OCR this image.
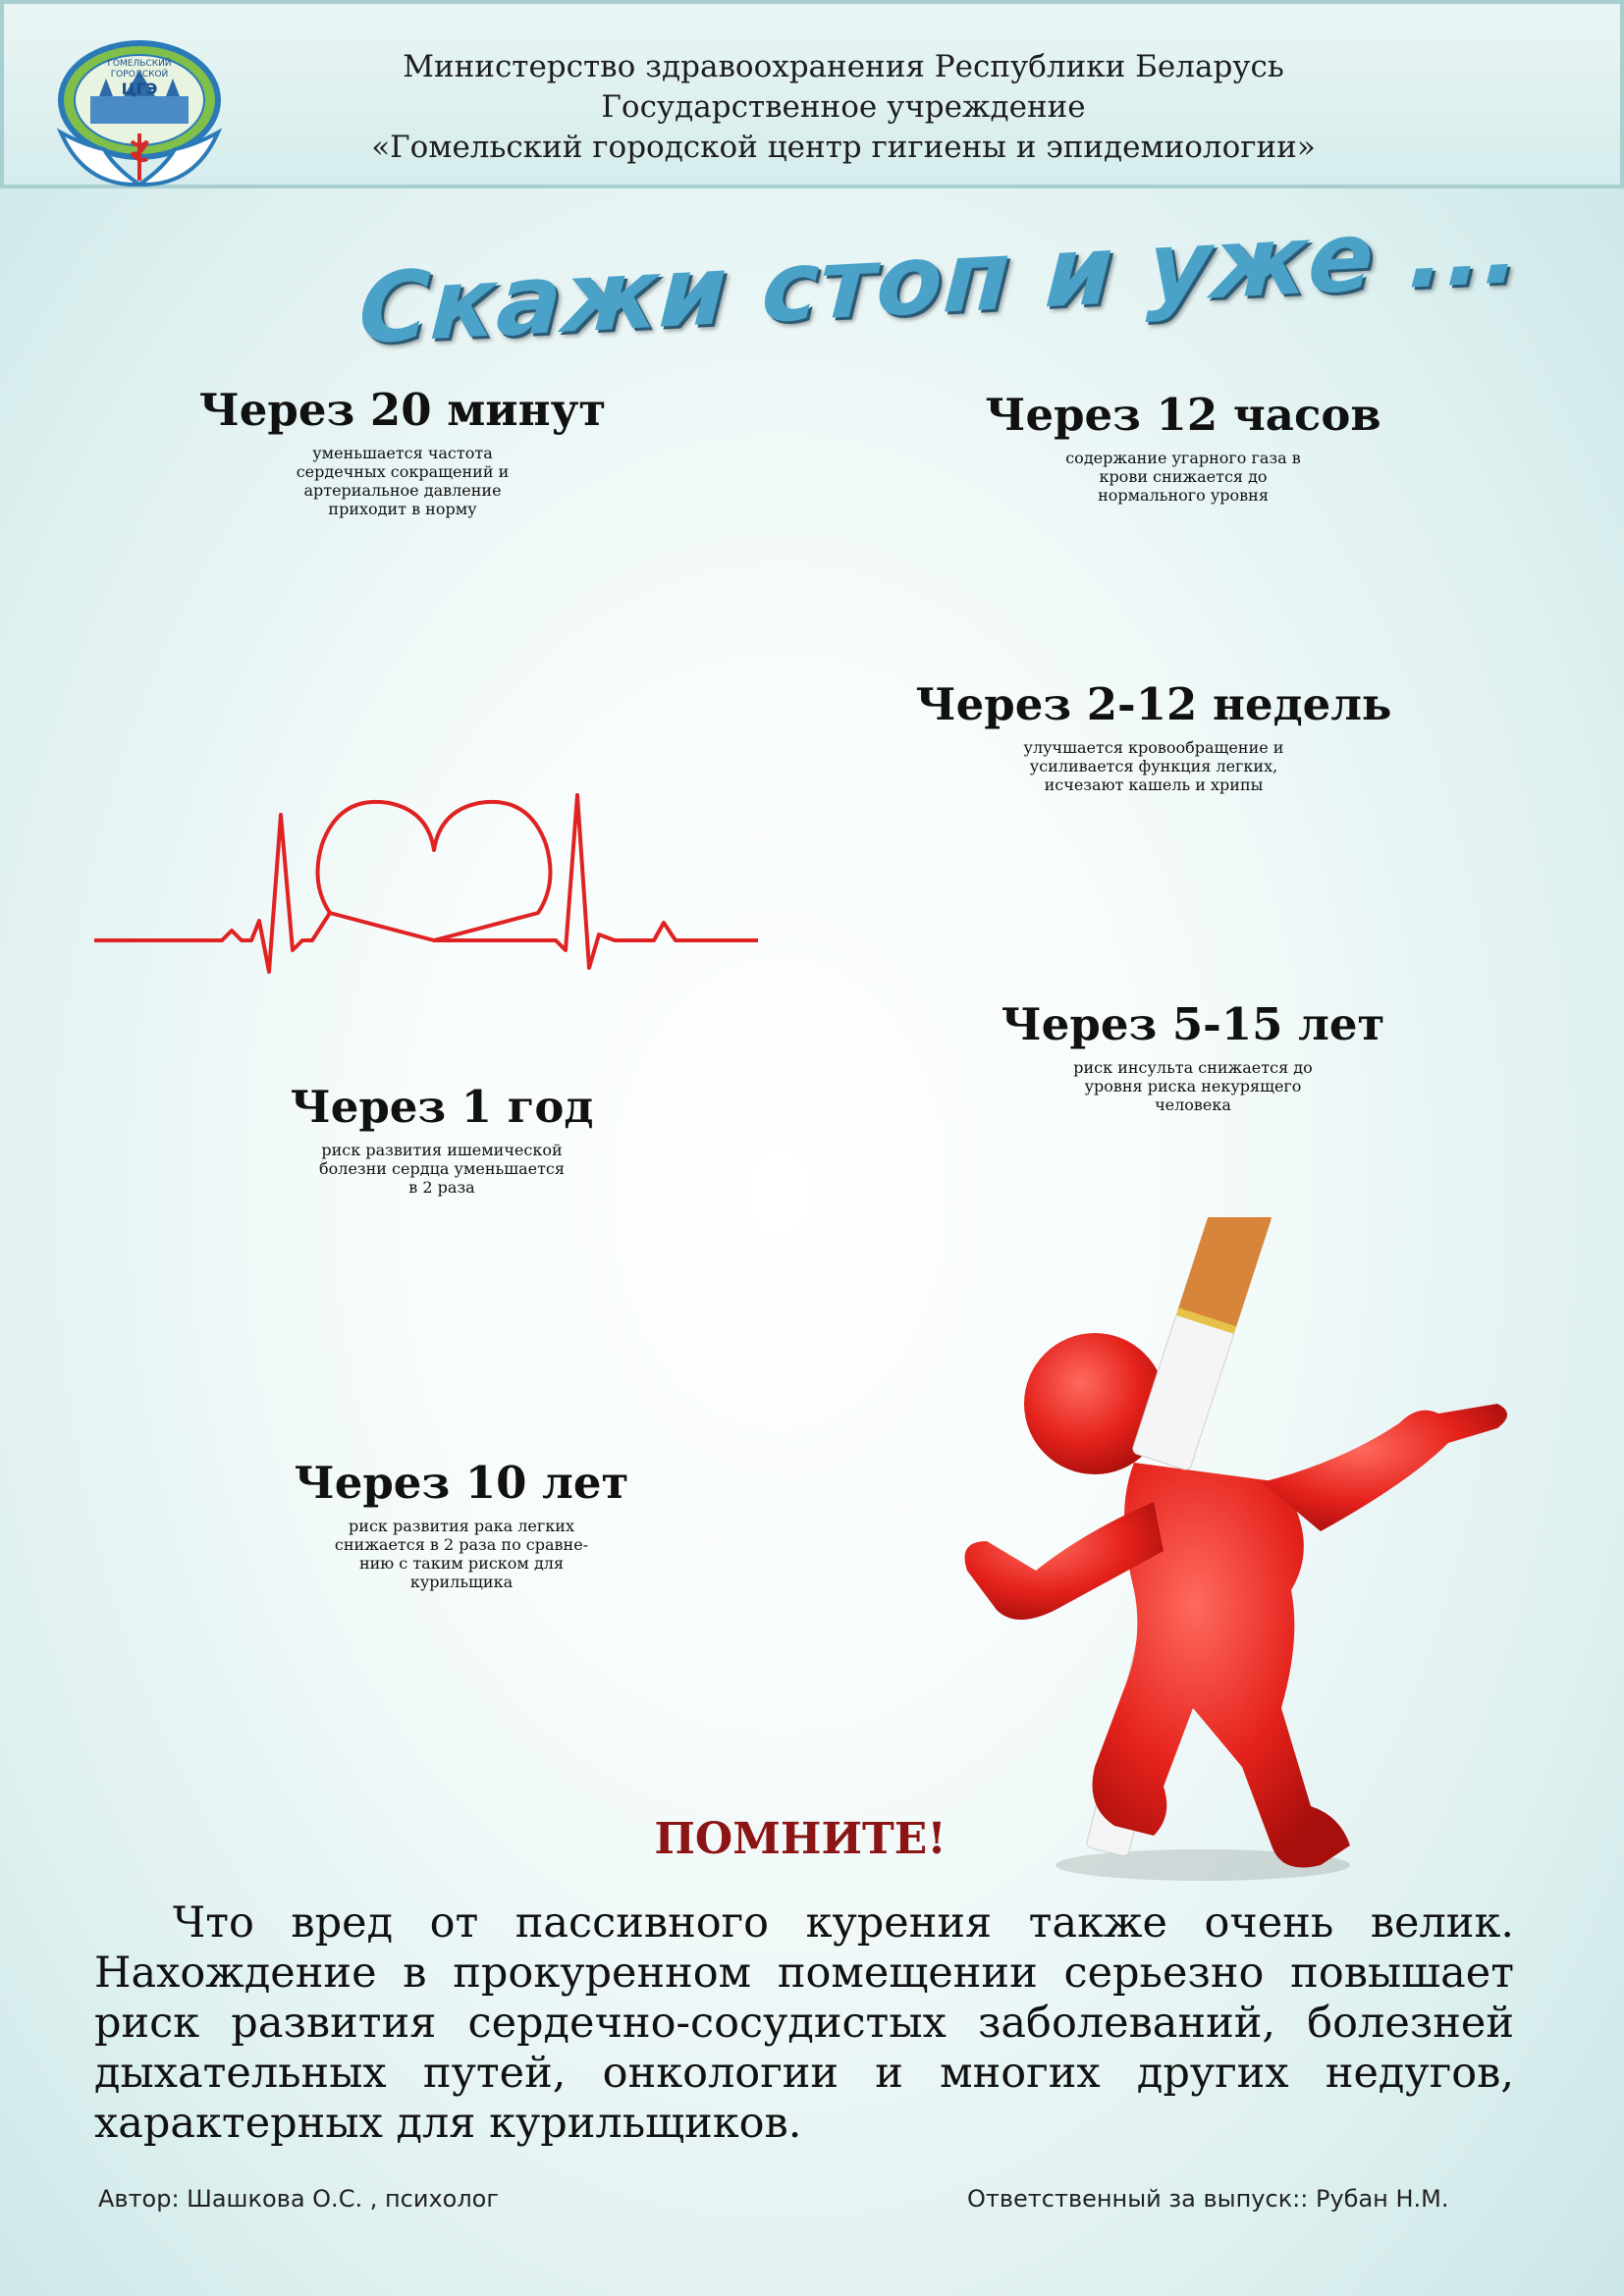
ГОМЕЛЬСКИЙ
ГОРОДСКОЙ
ЦГЭ
Министерство здравоохранения Республики Беларусь
Государственное учреждение
«Гомельский городской центр гигиены и эпидемиологии»
Скажи стоп и уже ...
Через 20 минут

уменьшается частота
сердечных сокращений и
артериальное давление
приходит в норму

Через 12 часов

содержание угарного газа в
крови снижается до
нормального уровня

Через 2-12 недель

улучшается кровообращение и
усиливается функция легких,
исчезают кашель и хрипы

Через 5-15 лет

риск инсульта снижается до
уровня риска некурящего
человека

Через 1 год

риск развития ишемической
болезни сердца уменьшается
в 2 раза

Через 10 лет

риск развития рака легких
снижается в 2 раза по сравне-
нию с таким риском для
курильщика

ПОМНИТЕ!
Что вред от пассивного курения также очень велик.
Нахождение в прокуренном помещении серьезно повышает
риск развития сердечно-сосудистых заболеваний, болезней
дыхательных путей, онкологии и многих других недугов,
характерных для курильщиков.
Автор: Шашкова О.С. , психолог	Ответственный за выпуск:: Рубан Н.М.
